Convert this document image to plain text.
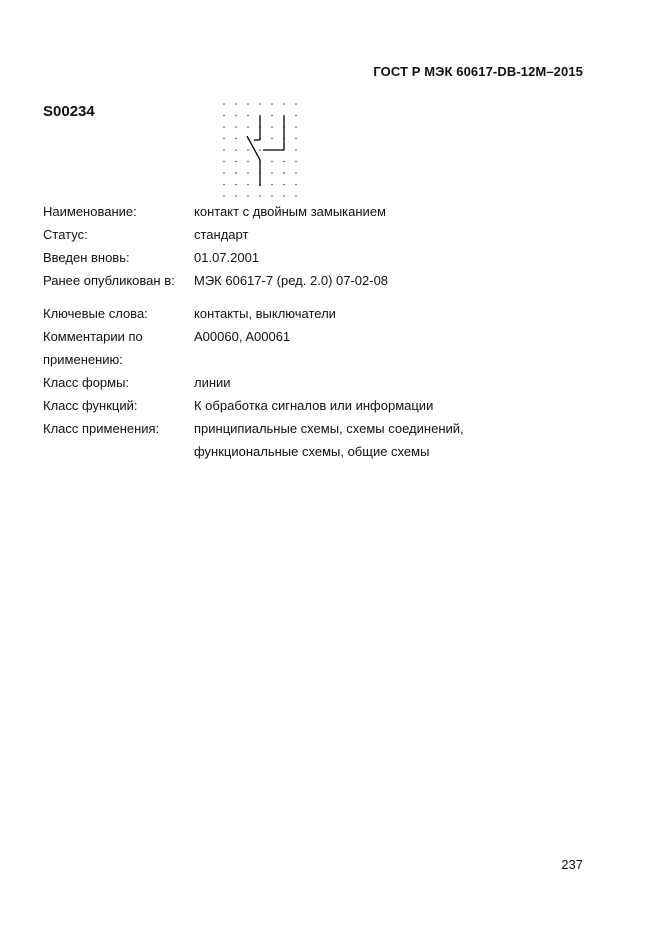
ГОСТ Р МЭК 60617-DB-12M–2015
S00234
Наименование:	контакт с двойным замыканием
Статус:	стандарт
Введен вновь:	01.07.2001
Ранее опубликован в:	МЭК 60617-7 (ред. 2.0) 07-02-08
Ключевые слова:	контакты, выключатели
Комментарии по	A00060, A00061
применению:
Класс формы:	линии
Класс функций:	К обработка сигналов или информации
Класс применения:	принципиальные схемы, схемы соединений,
функциональные схемы, общие схемы
237
